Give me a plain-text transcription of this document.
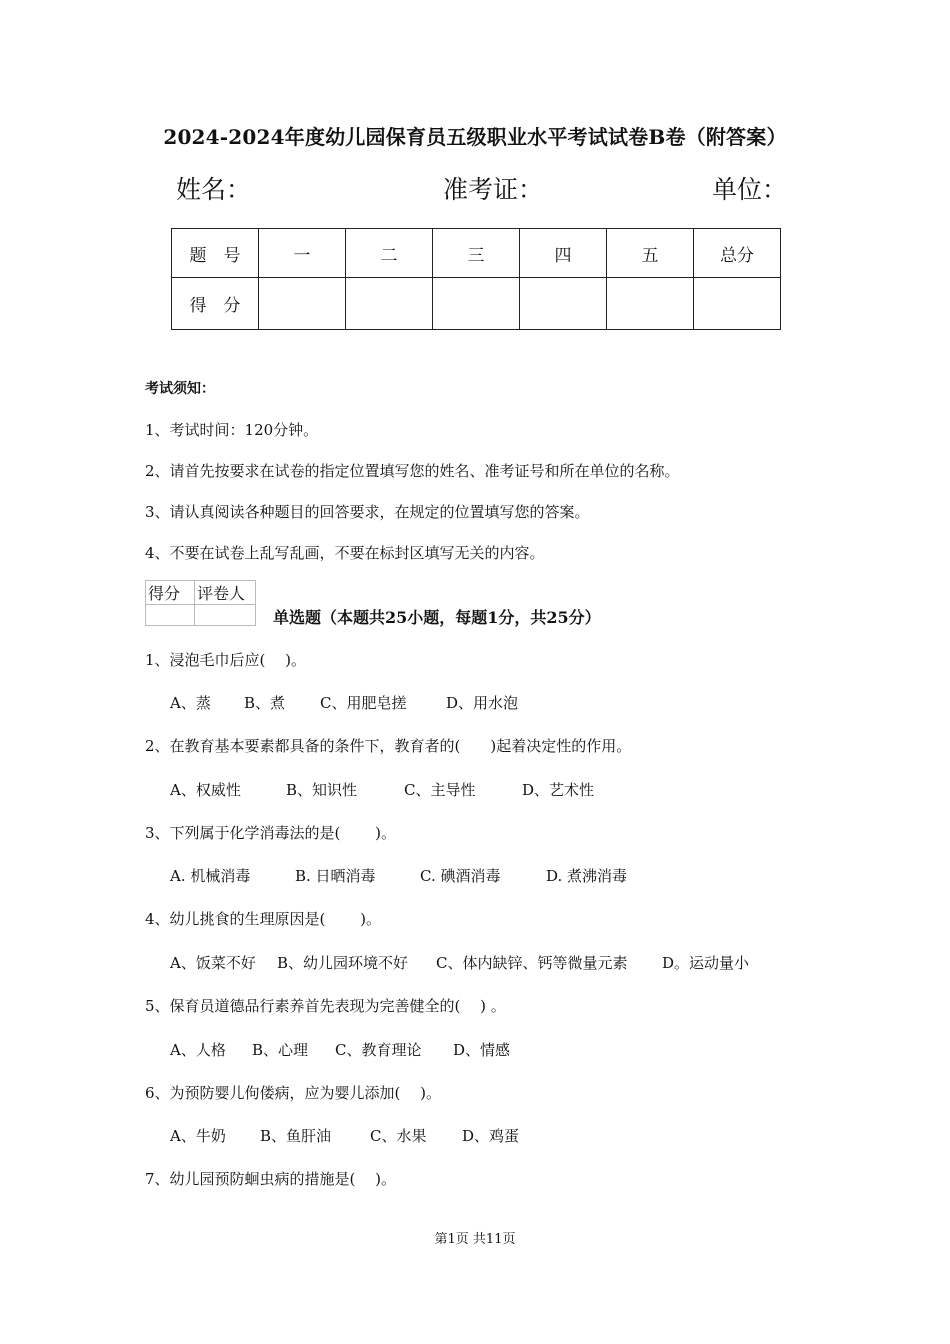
2024-2024年度幼儿园保育员五级职业水平考试试卷B卷（附答案）
姓名：	准考证：	单位：
题　号	一	二	三	四	五	总分
得　分						
考试须知：
1、考试时间：120分钟。
2、请首先按要求在试卷的指定位置填写您的姓名、准考证号和所在单位的名称。
3、请认真阅读各种题目的回答要求，在规定的位置填写您的答案。
4、不要在试卷上乱写乱画，不要在标封区填写无关的内容。
得分	评卷人

单选题（本题共25小题，每题1分，共25分）
1、浸泡毛巾后应(　 )。
A、蒸 B、煮 C、用肥皂搓	D、用水泡
2、在教育基本要素都具备的条件下，教育者的(　　)起着决定性的作用。
A、权威性	B、知识性	C、主导性	D、艺术性
3、下列属于化学消毒法的是(　　 )。
A. 机械消毒	B. 日晒消毒	C. 碘酒消毒	D. 煮沸消毒
4、幼儿挑食的生理原因是(　　 )。
A、饭菜不好 B、幼儿园环境不好 C、体内缺锌、钙等微量元素 D。运动量小
5、保育员道德品行素养首先表现为完善健全的(　 ) 。
A、人格 B、心理 C、教育理论 D、情感
6、为预防婴儿佝偻病，应为婴儿添加(　 )。
A、牛奶 B、鱼肝油	C、水果 D、鸡蛋
7、幼儿园预防蛔虫病的措施是(　 )。
第1页 共11页
